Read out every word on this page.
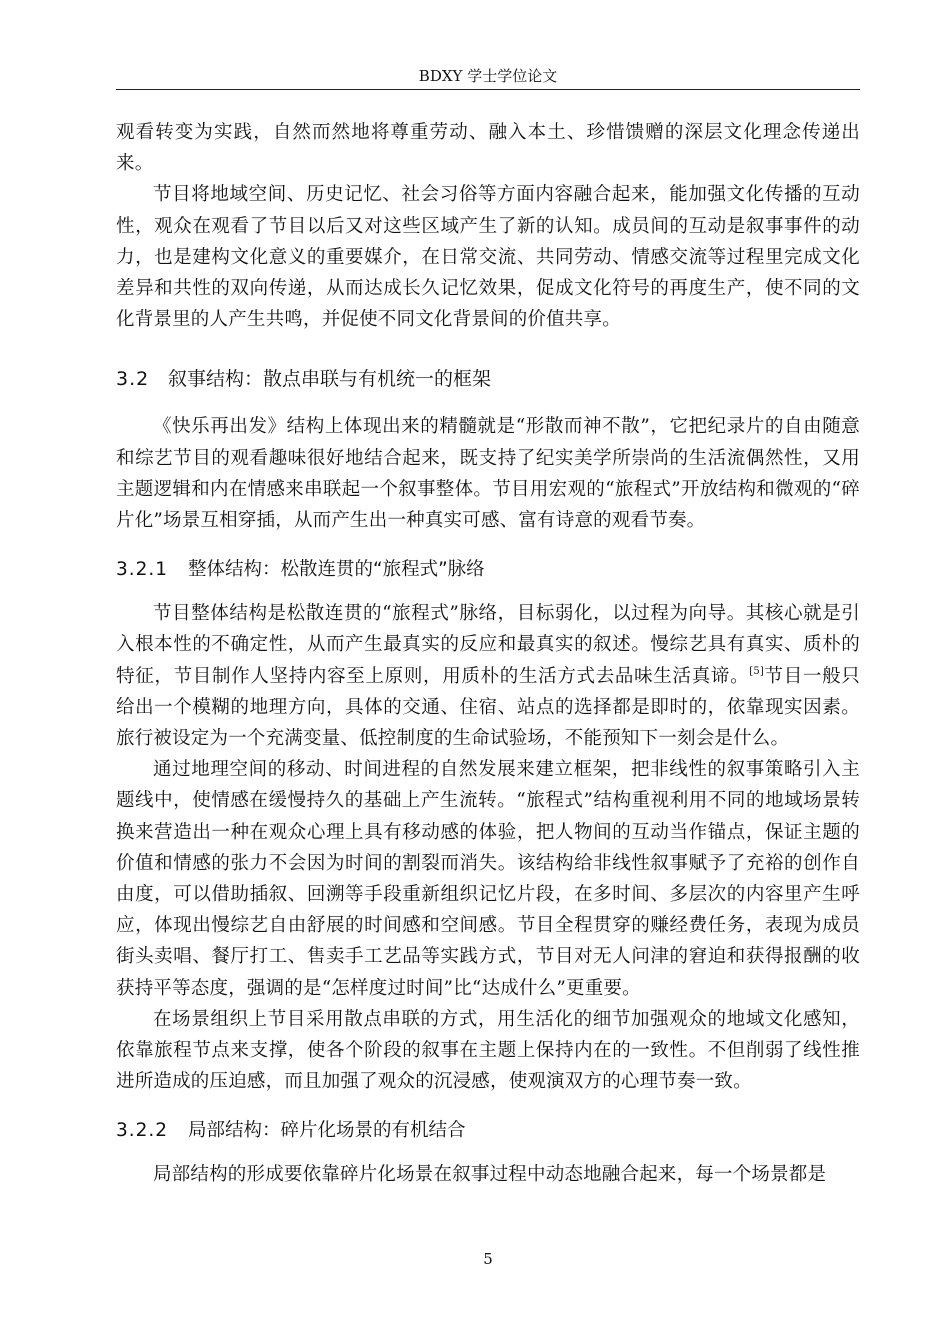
BDXY 学士学位论文

观看转变为实践，自然而然地将尊重劳动、融入本土、珍惜馈赠的深层文化理念传递出来。

节目将地域空间、历史记忆、社会习俗等方面内容融合起来，能加强文化传播的互动性，观众在观看了节目以后又对这些区域产生了新的认知。成员间的互动是叙事事件的动力，也是建构文化意义的重要媒介，在日常交流、共同劳动、情感交流等过程里完成文化差异和共性的双向传递，从而达成长久记忆效果，促成文化符号的再度生产，使不同的文化背景里的人产生共鸣，并促使不同文化背景间的价值共享。

3.2 叙事结构：散点串联与有机统一的框架

《快乐再出发》结构上体现出来的精髓就是“形散而神不散”，它把纪录片的自由随意和综艺节目的观看趣味很好地结合起来，既支持了纪实美学所崇尚的生活流偶然性，又用主题逻辑和内在情感来串联起一个叙事整体。节目用宏观的“旅程式”开放结构和微观的“碎片化”场景互相穿插，从而产生出一种真实可感、富有诗意的观看节奏。

3.2.1 整体结构：松散连贯的“旅程式”脉络

节目整体结构是松散连贯的“旅程式”脉络，目标弱化，以过程为向导。其核心就是引入根本性的不确定性，从而产生最真实的反应和最真实的叙述。慢综艺具有真实、质朴的特征，节目制作人坚持内容至上原则，用质朴的生活方式去品味生活真谛。[5]节目一般只给出一个模糊的地理方向，具体的交通、住宿、站点的选择都是即时的，依靠现实因素。旅行被设定为一个充满变量、低控制度的生命试验场，不能预知下一刻会是什么。

通过地理空间的移动、时间进程的自然发展来建立框架，把非线性的叙事策略引入主题线中，使情感在缓慢持久的基础上产生流转。“旅程式”结构重视利用不同的地域场景转换来营造出一种在观众心理上具有移动感的体验，把人物间的互动当作锚点，保证主题的价值和情感的张力不会因为时间的割裂而消失。该结构给非线性叙事赋予了充裕的创作自由度，可以借助插叙、回溯等手段重新组织记忆片段，在多时间、多层次的内容里产生呼应，体现出慢综艺自由舒展的时间感和空间感。节目全程贯穿的赚经费任务，表现为成员街头卖唱、餐厅打工、售卖手工艺品等实践方式，节目对无人问津的窘迫和获得报酬的收获持平等态度，强调的是“怎样度过时间”比“达成什么”更重要。

在场景组织上节目采用散点串联的方式，用生活化的细节加强观众的地域文化感知，依靠旅程节点来支撑，使各个阶段的叙事在主题上保持内在的一致性。不但削弱了线性推进所造成的压迫感，而且加强了观众的沉浸感，使观演双方的心理节奏一致。

3.2.2 局部结构：碎片化场景的有机结合

局部结构的形成要依靠碎片化场景在叙事过程中动态地融合起来，每一个场景都是

5
